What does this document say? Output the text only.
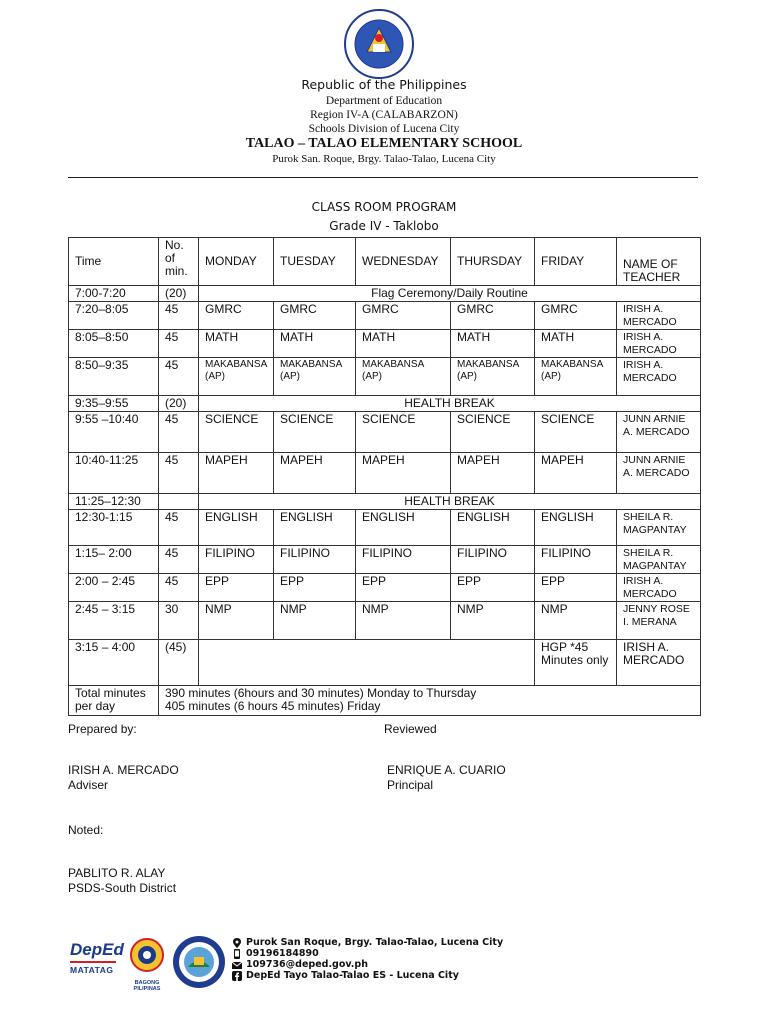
Republic of the Philippines
Department of Education
Region IV-A (CALABARZON)
Schools Division of Lucena City
TALAO – TALAO ELEMENTARY SCHOOL
Purok San. Roque, Brgy. Talao-Talao, Lucena City
CLASS ROOM PROGRAM
Grade IV - Taklobo
Time	No. of min.	MONDAY	TUESDAY	WEDNESDAY	THURSDAY	FRIDAY	NAME OF TEACHER
7:00-7:20	(20)	Flag Ceremony/Daily Routine					
7:20–8:05	45	GMRC	GMRC	GMRC	GMRC	GMRC	IRISH A. MERCADO
8:05–8:50	45	MATH	MATH	MATH	MATH	MATH	IRISH A. MERCADO
8:50–9:35	45	MAKABANSA (AP)	MAKABANSA (AP)	MAKABANSA (AP)	MAKABANSA (AP)	MAKABANSA (AP)	IRISH A. MERCADO
9:35–9:55	(20)	HEALTH BREAK					
9:55 –10:40	45	SCIENCE	SCIENCE	SCIENCE	SCIENCE	SCIENCE	JUNN ARNIE A. MERCADO
10:40-11:25	45	MAPEH	MAPEH	MAPEH	MAPEH	MAPEH	JUNN ARNIE A. MERCADO
11:25–12:30		HEALTH BREAK					
12:30-1:15	45	ENGLISH	ENGLISH	ENGLISH	ENGLISH	ENGLISH	SHEILA R. MAGPANTAY
1:15– 2:00	45	FILIPINO	FILIPINO	FILIPINO	FILIPINO	FILIPINO	SHEILA R. MAGPANTAY
2:00 – 2:45	45	EPP	EPP	EPP	EPP	EPP	IRISH A. MERCADO
2:45 – 3:15	30	NMP	NMP	NMP	NMP	NMP	JENNY ROSE I. MERANA
3:15 – 4:00	(45)					HGP *45 Minutes only	IRISH A. MERCADO
Total minutes per day	390 minutes (6hours and 30 minutes) Monday to Thursday
405 minutes (6 hours 45 minutes) Friday						
Prepared by:	Reviewed
IRISH A. MERCADO
Adviser
ENRIQUE A. CUARIO
Principal
Noted:
PABLITO R. ALAY
PSDS-South District
DepEd
MATATAG
BAGONG PILIPINAS
Purok San Roque, Brgy. Talao-Talao, Lucena City
09196184890
109736@deped.gov.ph
DepEd Tayo Talao-Talao ES - Lucena City
